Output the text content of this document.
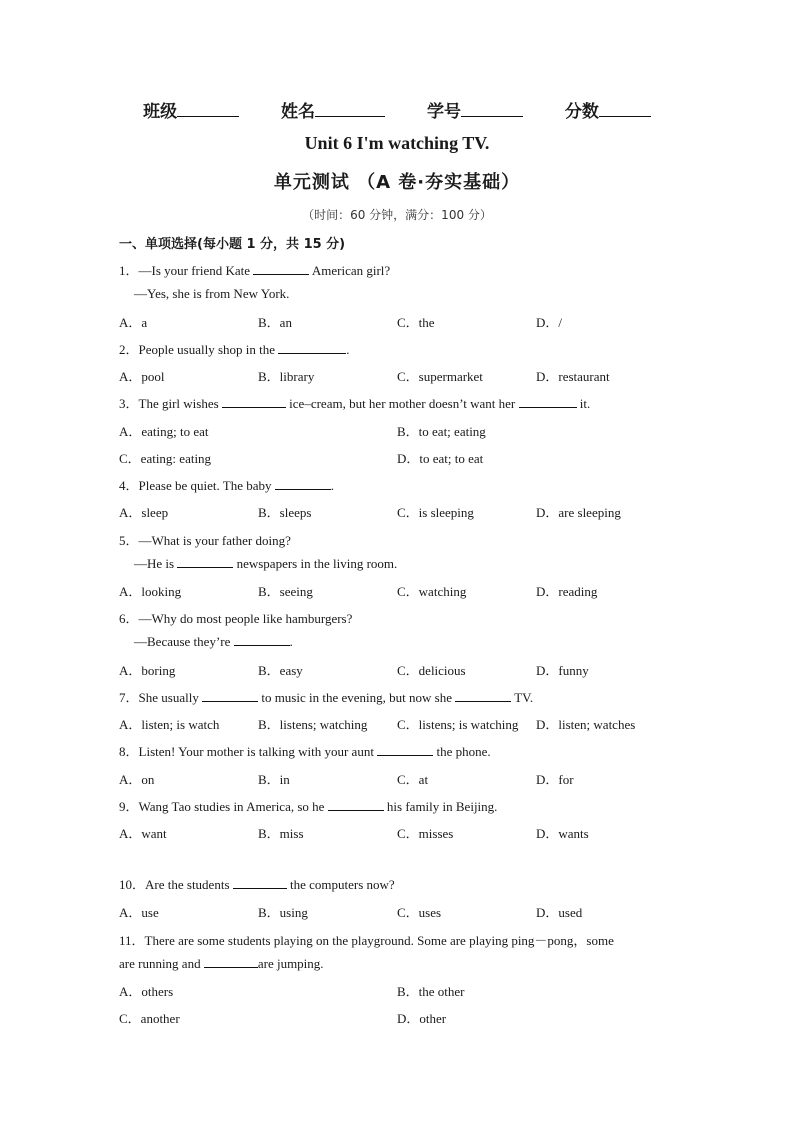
班级	姓名	学号	分数
Unit 6 I'm watching TV.
单元测试 （A 卷·夯实基础）
（时间：60 分钟，满分：100 分）
一、单项选择(每小题 1 分，共 15 分)
1．—Is your friend Kate	American girl?
—Yes, she is from New York.
A．a	B．an	C．the	D．/
2．People usually shop in the	.
A．pool	B．library	C．supermarket	D．restaurant
3．The girl wishes	ice–cream, but her mother doesn’t want her	it.
A．eating; to eat	B．to eat; eating
C．eating: eating	D．to eat; to eat
4．Please be quiet. The baby	.
A．sleep	B．sleeps	C．is sleeping	D．are sleeping
5．—What is your father doing?
—He is	newspapers in the living room.
A．looking	B．seeing	C．watching	D．reading
6．—Why do most people like hamburgers?
—Because they’re	.
A．boring	B．easy	C．delicious	D．funny
7．She usually	to music in the evening, but now she	TV.
A．listen; is watch	B．listens; watching C．listens; is watching D．listen; watches
8．Listen! Your mother is talking with your aunt	the phone.
A．on	B．in	C．at	D．for
9．Wang Tao studies in America, so he	his family in Beijing.
A．want	B．miss	C．misses	D．wants
10．Are the students	the computers now?
A．use	B．using	C．uses	D．used
11．There are some students playing on the playground. Some are playing ping－pong，some
are running and	are jumping.
A．others	B．the other
C．another	D．other
